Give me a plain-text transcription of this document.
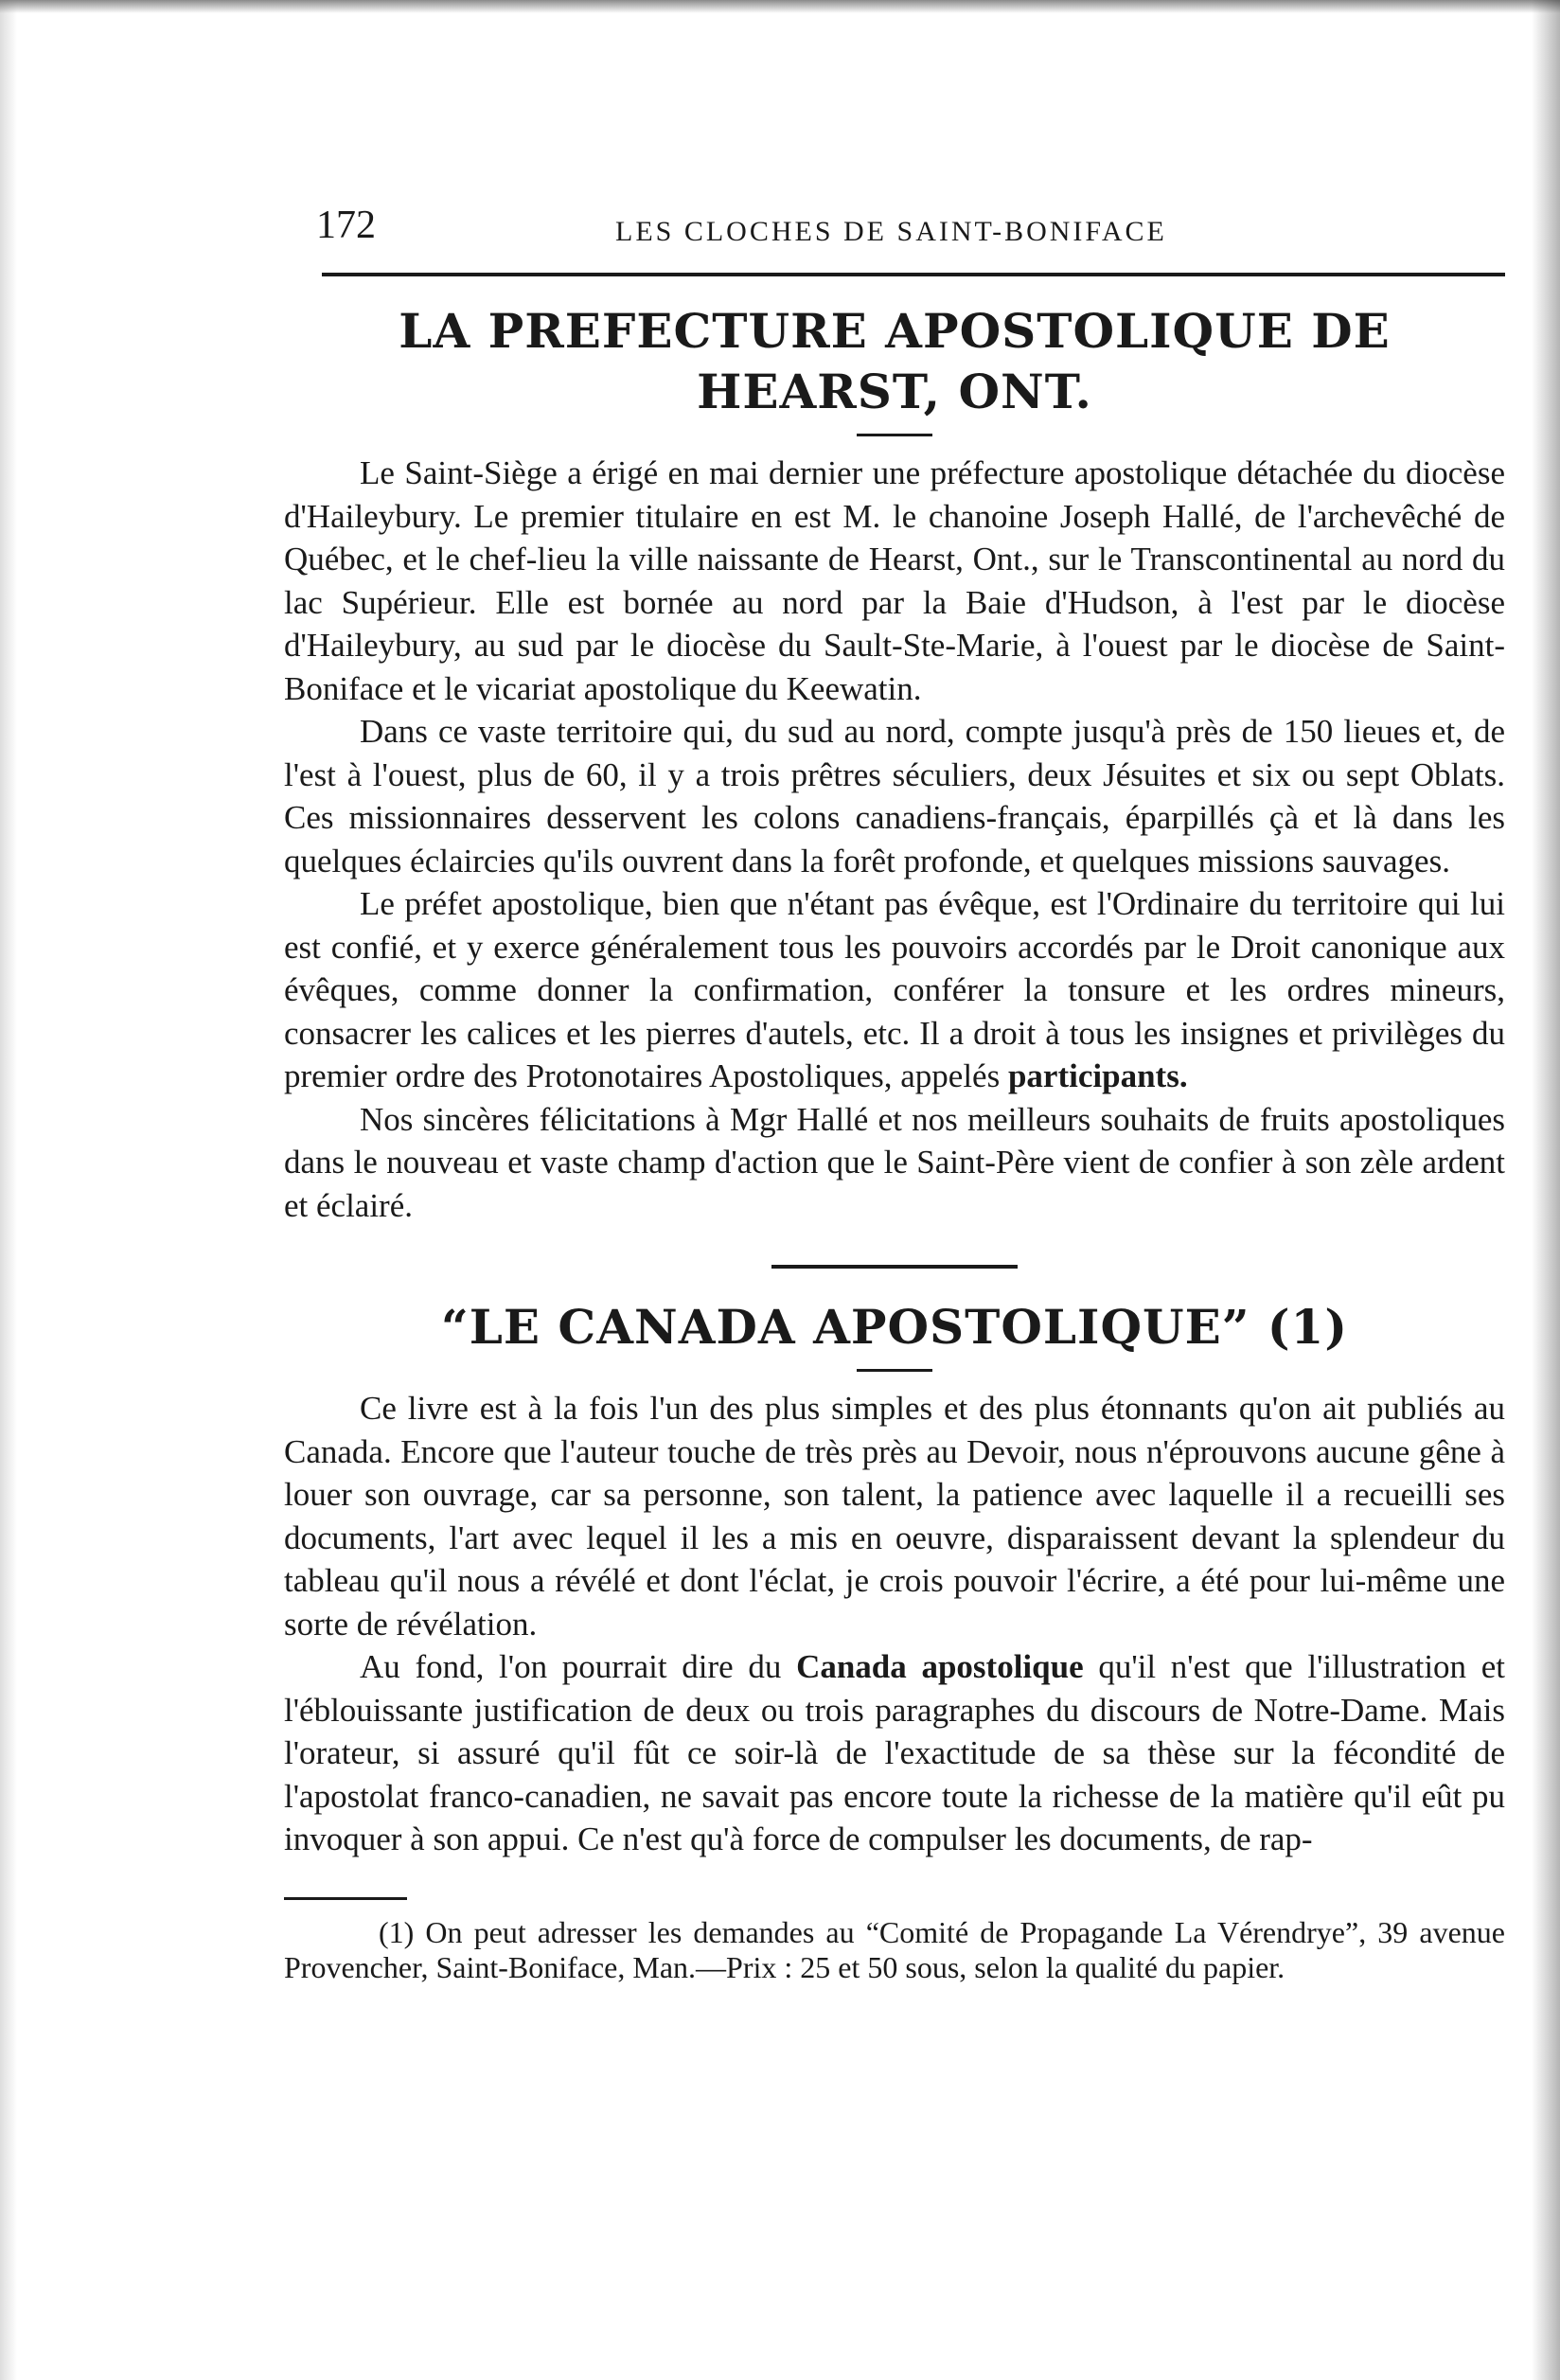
172	LES CLOCHES DE SAINT-BONIFACE
LA PREFECTURE APOSTOLIQUE DE HEARST, ONT.

Le Saint-Siège a érigé en mai dernier une préfecture apostolique détachée du diocèse d'Haileybury. Le premier titulaire en est M. le chanoine Joseph Hallé, de l'archevêché de Québec, et le chef-lieu la ville naissante de Hearst, Ont., sur le Transcontinental au nord du lac Supérieur. Elle est bornée au nord par la Baie d'Hudson, à l'est par le diocèse d'Haileybury, au sud par le diocèse du Sault-Ste-Marie, à l'ouest par le diocèse de Saint-Boniface et le vicariat apostolique du Keewatin.

Dans ce vaste territoire qui, du sud au nord, compte jusqu'à près de 150 lieues et, de l'est à l'ouest, plus de 60, il y a trois prêtres séculiers, deux Jésuites et six ou sept Oblats. Ces missionnaires desservent les colons canadiens-français, éparpillés çà et là dans les quelques éclaircies qu'ils ouvrent dans la forêt profonde, et quelques missions sauvages.

Le préfet apostolique, bien que n'étant pas évêque, est l'Ordinaire du territoire qui lui est confié, et y exerce généralement tous les pouvoirs accordés par le Droit canonique aux évêques, comme donner la confirmation, conférer la tonsure et les ordres mineurs, consacrer les calices et les pierres d'autels, etc. Il a droit à tous les insignes et privilèges du premier ordre des Protonotaires Apostoliques, appelés participants.

Nos sincères félicitations à Mgr Hallé et nos meilleurs souhaits de fruits apostoliques dans le nouveau et vaste champ d'action que le Saint-Père vient de confier à son zèle ardent et éclairé.

“LE CANADA APOSTOLIQUE” (1)

Ce livre est à la fois l'un des plus simples et des plus étonnants qu'on ait publiés au Canada. Encore que l'auteur touche de très près au Devoir, nous n'éprouvons aucune gêne à louer son ouvrage, car sa personne, son talent, la patience avec laquelle il a recueilli ses documents, l'art avec lequel il les a mis en oeuvre, disparaissent devant la splendeur du tableau qu'il nous a révélé et dont l'éclat, je crois pouvoir l'écrire, a été pour lui-même une sorte de révélation.

Au fond, l'on pourrait dire du Canada apostolique qu'il n'est que l'illustration et l'éblouissante justification de deux ou trois paragraphes du discours de Notre-Dame. Mais l'orateur, si assuré qu'il fût ce soir-là de l'exactitude de sa thèse sur la fécondité de l'apostolat franco-canadien, ne savait pas encore toute la richesse de la matière qu'il eût pu invoquer à son appui. Ce n'est qu'à force de compulser les documents, de rap-

(1) On peut adresser les demandes au “Comité de Propagande La Vérendrye”, 39 avenue Provencher, Saint-Boniface, Man.—Prix : 25 et 50 sous, selon la qualité du papier.
